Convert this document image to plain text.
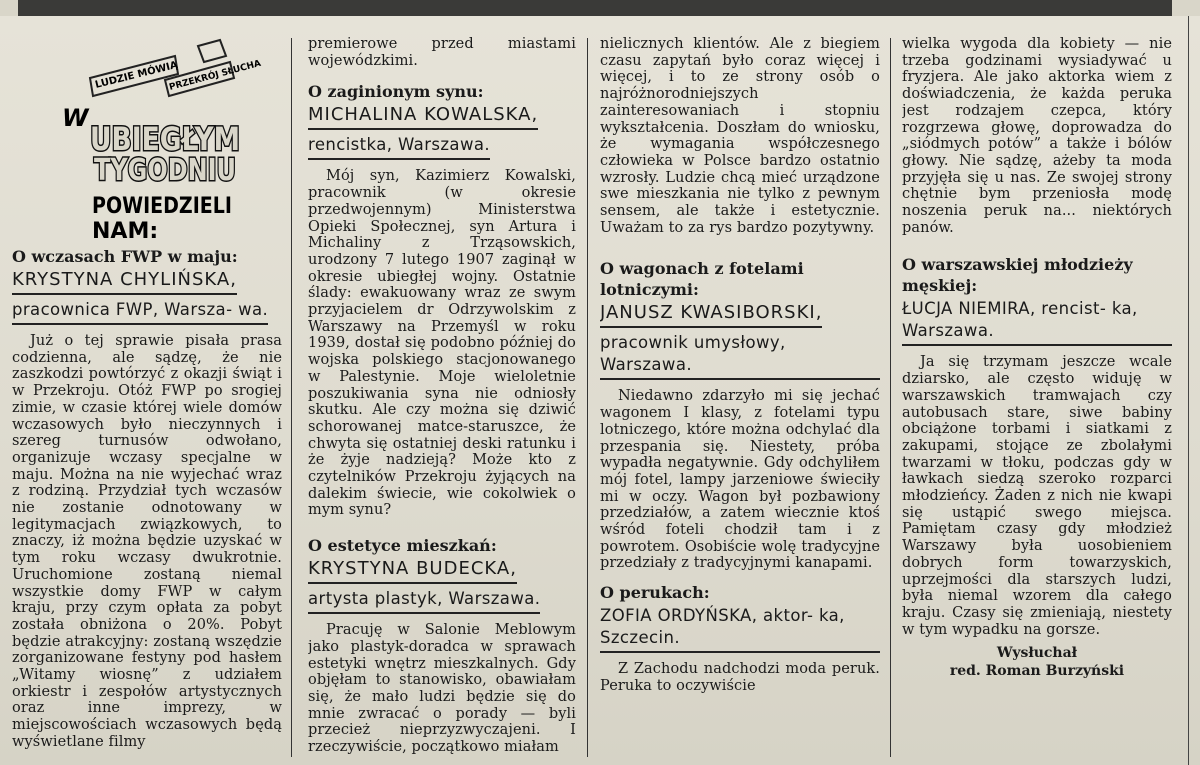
LUDZIE MÓWIĄ
PRZEKRÓJ SŁUCHA
W
UBIEGŁYM
TYGODNIU
POWIEDZIELI
NAM:
O wczasach FWP w maju:
KRYSTYNA CHYLIŃSKA,
pracownica FWP, Warsza- wa.

Już o tej sprawie pisała prasa codzienna, ale sądzę, że nie zaszkodzi powtórzyć z okazji świąt i w Przekroju. Otóż FWP po srogiej zimie, w czasie której wiele domów wczasowych było nieczynnych i szereg turnusów odwołano, organizuje wczasy specjalne w maju. Można na nie wyjechać wraz z rodziną. Przydział tych wczasów nie zostanie odnotowany w legitymacjach związkowych, to znaczy, iż można będzie uzyskać w tym roku wczasy dwukrotnie. Uruchomione zostaną niemal wszystkie domy FWP w całym kraju, przy czym opłata za pobyt została obniżona o 20%. Pobyt będzie atrakcyjny: zostaną wszędzie zorganizowane festyny pod hasłem „Witamy wiosnę” z udziałem orkiestr i zespołów artystycznych oraz inne imprezy, w miejscowościach wczasowych będą wyświetlane filmy

premierowe przed miastami wojewódzkimi.

O zaginionym synu:
MICHALINA KOWALSKA,
rencistka, Warszawa.

Mój syn, Kazimierz Kowalski, pracownik (w okresie przedwojennym) Ministerstwa Opieki Społecznej, syn Artura i Michaliny z Trząsowskich, urodzony 7 lutego 1907 zaginął w okresie ubiegłej wojny. Ostatnie ślady: ewakuowany wraz ze swym przyjacielem dr Odrzywolskim z Warszawy na Przemyśl w roku 1939, dostał się podobno później do wojska polskiego stacjonowanego w Palestynie. Moje wieloletnie poszukiwania syna nie odniosły skutku. Ale czy można się dziwić schorowanej matce-staruszce, że chwyta się ostatniej deski ratunku i że żyje nadzieją? Może kto z czytelników Przekroju żyjących na dalekim świecie, wie cokolwiek o mym synu?

O estetyce mieszkań:
KRYSTYNA BUDECKA,
artysta plastyk, Warszawa.

Pracuję w Salonie Meblowym jako plastyk-doradca w sprawach estetyki wnętrz mieszkalnych. Gdy objęłam to stanowisko, obawiałam się, że mało ludzi będzie się do mnie zwracać o porady — byli przecież nieprzyzwyczajeni. I rzeczywiście, początkowo miałam

nielicznych klientów. Ale z biegiem czasu zapytań było coraz więcej i więcej, i to ze strony osób o najróżnorodniejszych zainteresowaniach i stopniu wykształcenia. Doszłam do wniosku, że wymagania współczesnego człowieka w Polsce bardzo ostatnio wzrosły. Ludzie chcą mieć urządzone swe mieszkania nie tylko z pewnym sensem, ale także i estetycznie. Uważam to za rys bardzo pozytywny.

O wagonach z fotelami lotniczymi:
JANUSZ KWASIBORSKI,
pracownik umysłowy, Warszawa.

Niedawno zdarzyło mi się jechać wagonem I klasy, z fotelami typu lotniczego, które można odchylać dla przespania się. Niestety, próba wypadła negatywnie. Gdy odchyliłem mój fotel, lampy jarzeniowe świeciły mi w oczy. Wagon był pozbawiony przedziałów, a zatem wiecznie ktoś wśród foteli chodził tam i z powrotem. Osobiście wolę tradycyjne przedziały z tradycyjnymi kanapami.

O perukach:
ZOFIA ORDYŃSKA, aktor- ka, Szczecin.

Z Zachodu nadchodzi moda peruk. Peruka to oczywiście

wielka wygoda dla kobiety — nie trzeba godzinami wysiadywać u fryzjera. Ale jako aktorka wiem z doświadczenia, że każda peruka jest rodzajem czepca, który rozgrzewa głowę, doprowadza do „siódmych potów” a także i bólów głowy. Nie sądzę, ażeby ta moda przyjęła się u nas. Ze swojej strony chętnie bym przeniosła modę noszenia peruk na... niektórych panów.

O warszawskiej młodzieży męskiej:
ŁUCJA NIEMIRA, rencist- ka, Warszawa.

Ja się trzymam jeszcze wcale dziarsko, ale często widuję w warszawskich tramwajach czy autobusach stare, siwe babiny obciążone torbami i siatkami z zakupami, stojące ze zbolałymi twarzami w tłoku, podczas gdy w ławkach siedzą szeroko rozparci młodzieńcy. Żaden z nich nie kwapi się ustąpić swego miejsca. Pamiętam czasy gdy młodzież Warszawy była uosobieniem dobrych form towarzyskich, uprzejmości dla starszych ludzi, była niemal wzorem dla całego kraju. Czasy się zmieniają, niestety w tym wypadku na gorsze.

Wysłuchał
red. Roman Burzyński
